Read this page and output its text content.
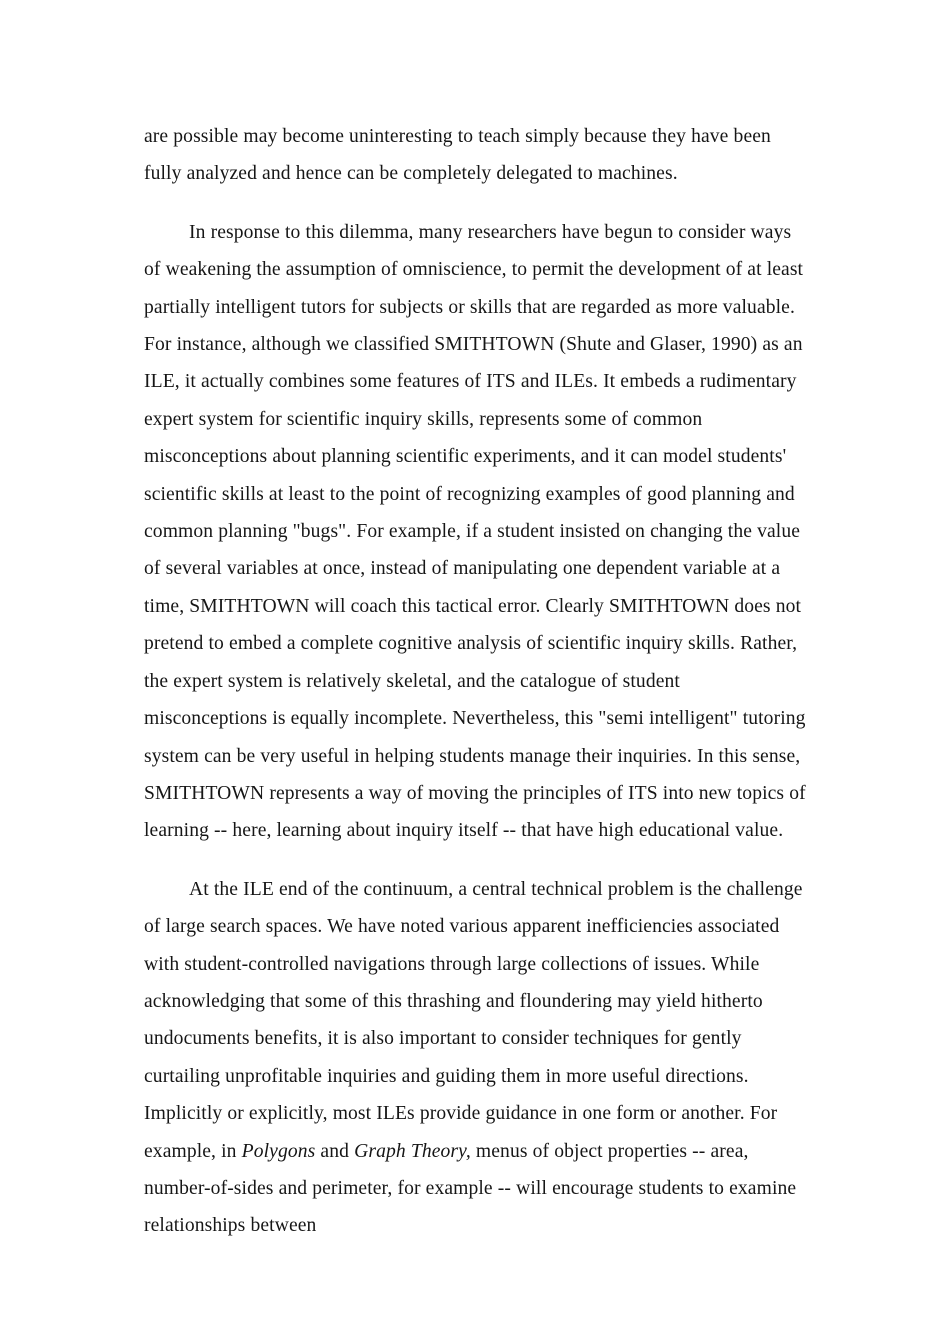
are possible may become uninteresting to teach simply because they have been fully analyzed and hence can be completely delegated to machines.

In response to this dilemma, many researchers have begun to consider ways of weakening the assumption of omniscience, to permit the development of at least partially intelligent tutors for subjects or skills that are regarded as more valuable. For instance, although we classified SMITHTOWN (Shute and Glaser, 1990) as an ILE, it actually combines some features of ITS and ILEs. It embeds a rudimentary expert system for scientific inquiry skills, represents some of common misconceptions about planning scientific experiments, and it can model students' scientific skills at least to the point of recognizing examples of good planning and common planning "bugs". For example, if a student insisted on changing the value of several variables at once, instead of manipulating one dependent variable at a time, SMITHTOWN will coach this tactical error. Clearly SMITHTOWN does not pretend to embed a complete cognitive analysis of scientific inquiry skills. Rather, the expert system is relatively skeletal, and the catalogue of student misconceptions is equally incomplete. Nevertheless, this "semi intelligent" tutoring system can be very useful in helping students manage their inquiries. In this sense, SMITHTOWN represents a way of moving the principles of ITS into new topics of learning -- here, learning about inquiry itself -- that have high educational value.

At the ILE end of the continuum, a central technical problem is the challenge of large search spaces. We have noted various apparent inefficiencies associated with student-controlled navigations through large collections of issues. While acknowledging that some of this thrashing and floundering may yield hitherto undocuments benefits, it is also important to consider techniques for gently curtailing unprofitable inquiries and guiding them in more useful directions. Implicitly or explicitly, most ILEs provide guidance in one form or another. For example, in Polygons and Graph Theory, menus of object properties -- area, number-of-sides and perimeter, for example -- will encourage students to examine relationships between
